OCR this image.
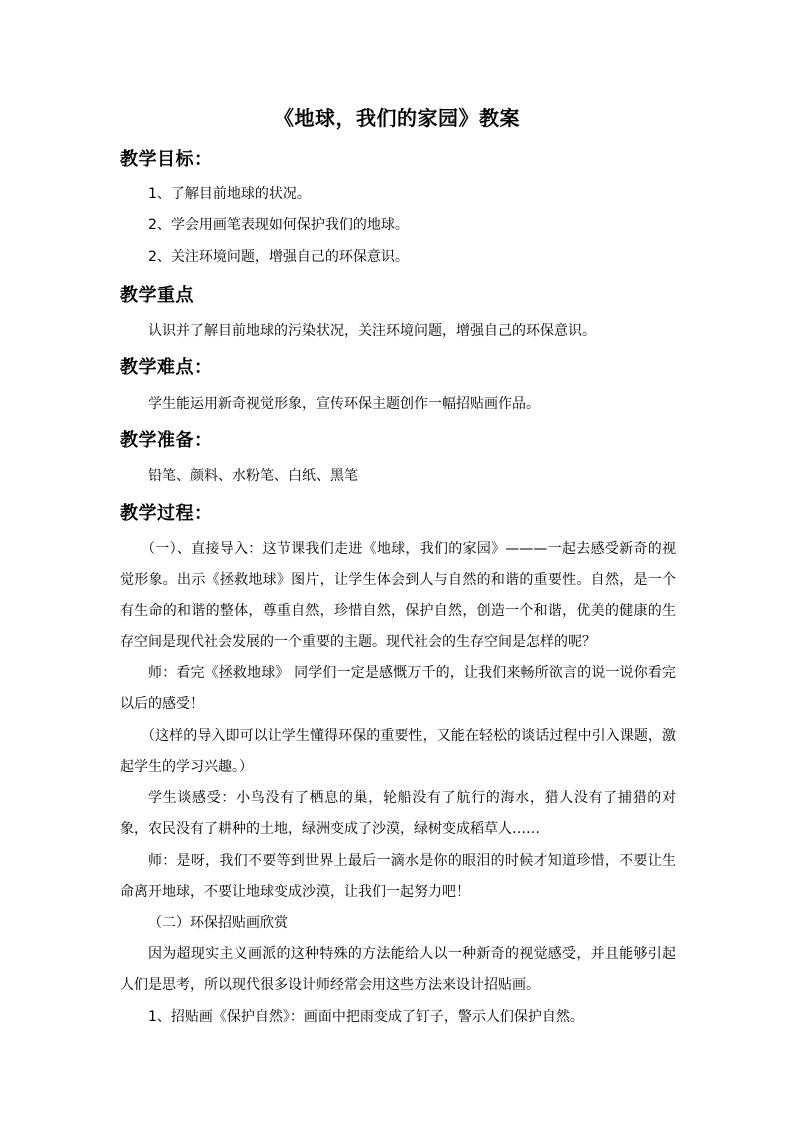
《地球，我们的家园》教案
教学目标：
1、了解目前地球的状况。
2、学会用画笔表现如何保护我们的地球。
2、关注环境问题，增强自己的环保意识。
教学重点
认识并了解目前地球的污染状况，关注环境问题，增强自己的环保意识。
教学难点：
学生能运用新奇视觉形象，宣传环保主题创作一幅招贴画作品。
教学准备：
铅笔、颜料、水粉笔、白纸、黑笔
教学过程：

（一）、直接导入：这节课我们走进《地球，我们的家园》———一起去感受新奇的视觉形象。出示《拯救地球》图片，让学生体会到人与自然的和谐的重要性。自然，是一个有生命的和谐的整体，尊重自然，珍惜自然，保护自然，创造一个和谐，优美的健康的生存空间是现代社会发展的一个重要的主题。现代社会的生存空间是怎样的呢？

师：看完《拯救地球》 同学们一定是感慨万千的，让我们来畅所欲言的说一说你看完以后的感受！

（这样的导入即可以让学生懂得环保的重要性，又能在轻松的谈话过程中引入课题，激起学生的学习兴趣。）

学生谈感受：小鸟没有了栖息的巢，轮船没有了航行的海水，猎人没有了捕猎的对象，农民没有了耕种的土地，绿洲变成了沙漠，绿树变成稻草人……

师：是呀，我们不要等到世界上最后一滴水是你的眼泪的时候才知道珍惜，不要让生命离开地球，不要让地球变成沙漠，让我们一起努力吧！

（二）环保招贴画欣赏

因为超现实主义画派的这种特殊的方法能给人以一种新奇的视觉感受，并且能够引起人们是思考，所以现代很多设计师经常会用这些方法来设计招贴画。

1、招贴画《保护自然》：画面中把雨变成了钉子，警示人们保护自然。
